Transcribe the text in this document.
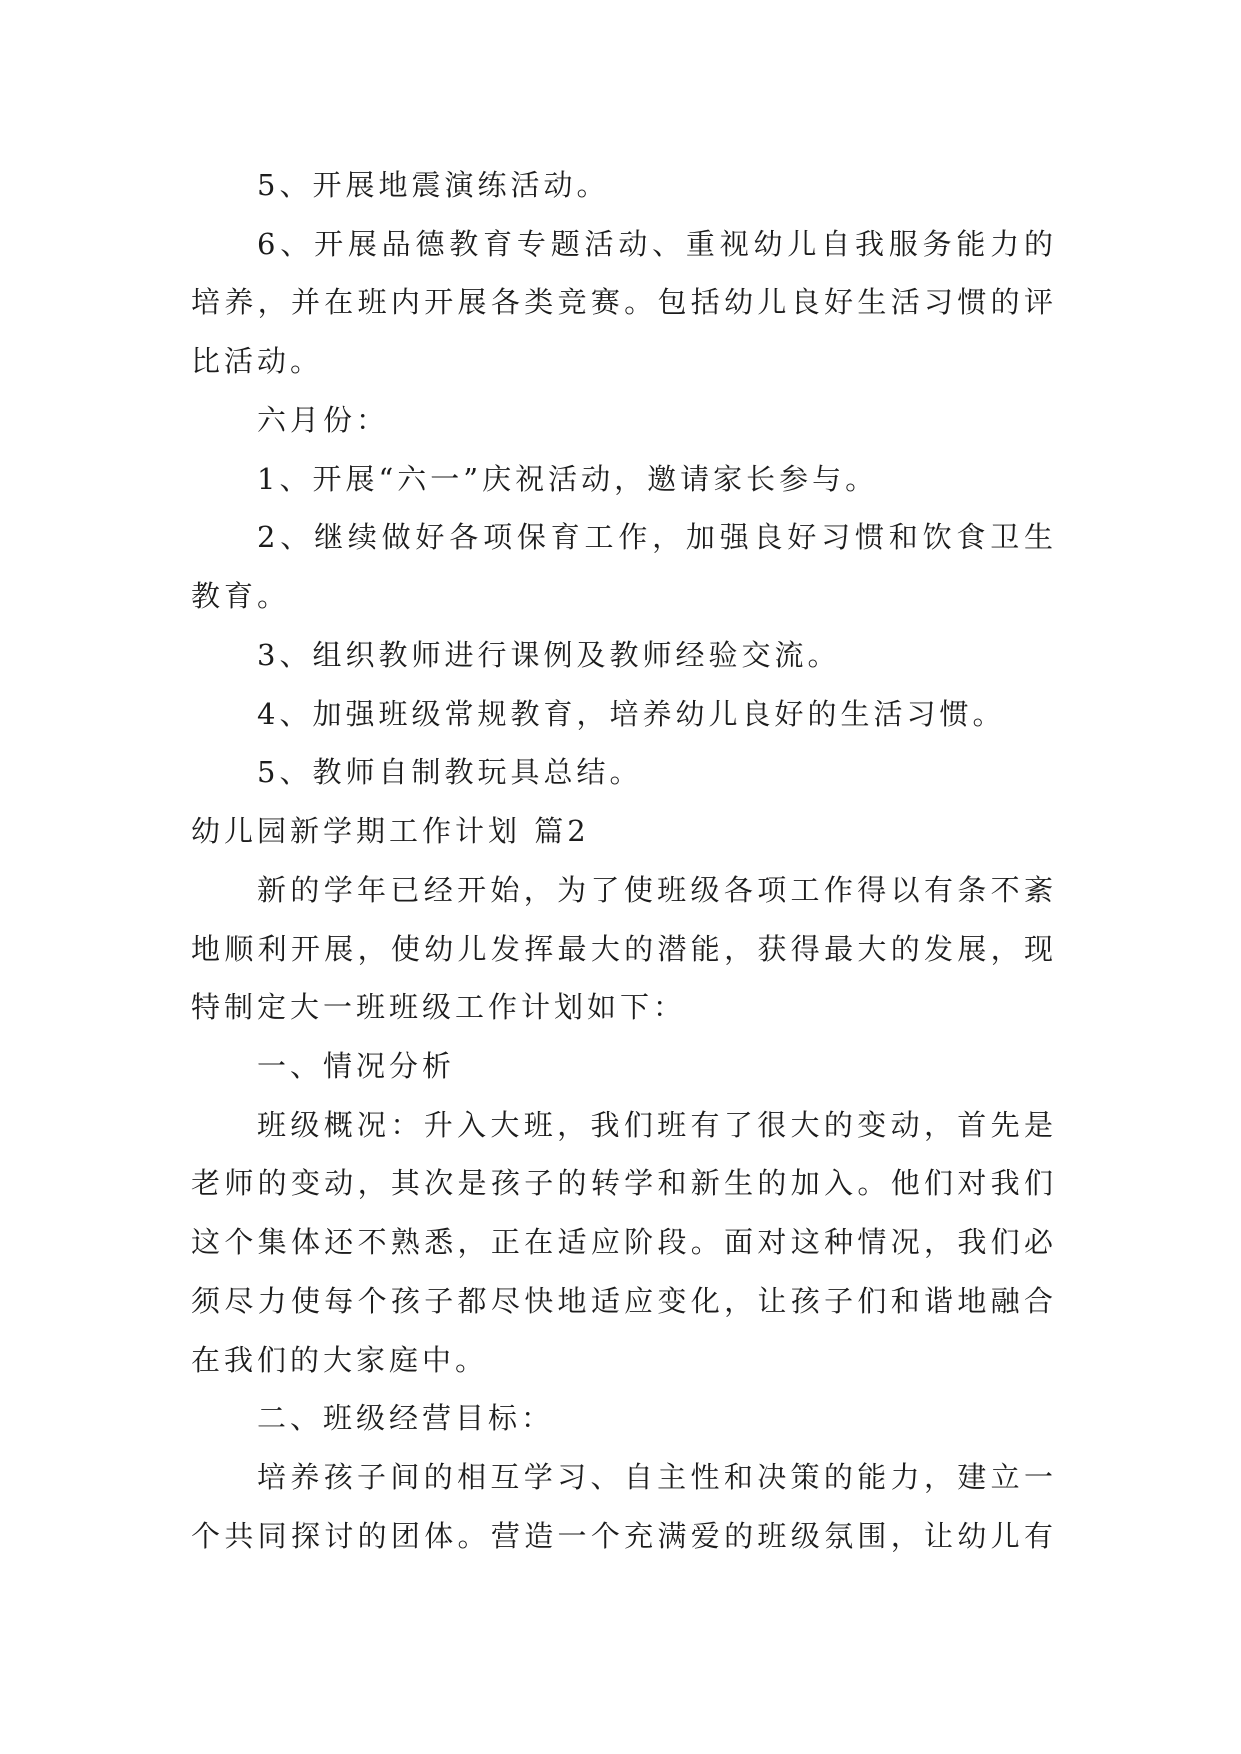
5、开展地震演练活动。
6、开展品德教育专题活动、重视幼儿自我服务能力的
培养，并在班内开展各类竞赛。包括幼儿良好生活习惯的评
比活动。
六月份：
1、开展“六一”庆祝活动，邀请家长参与。
2、继续做好各项保育工作，加强良好习惯和饮食卫生
教育。
3、组织教师进行课例及教师经验交流。
4、加强班级常规教育，培养幼儿良好的生活习惯。
5、教师自制教玩具总结。
幼儿园新学期工作计划 篇2
新的学年已经开始，为了使班级各项工作得以有条不紊
地顺利开展，使幼儿发挥最大的潜能，获得最大的发展，现
特制定大一班班级工作计划如下：
一、情况分析
班级概况：升入大班，我们班有了很大的变动，首先是
老师的变动，其次是孩子的转学和新生的加入。他们对我们
这个集体还不熟悉，正在适应阶段。面对这种情况，我们必
须尽力使每个孩子都尽快地适应变化，让孩子们和谐地融合
在我们的大家庭中。
二、班级经营目标：
培养孩子间的相互学习、自主性和决策的能力，建立一
个共同探讨的团体。营造一个充满爱的班级氛围，让幼儿有
